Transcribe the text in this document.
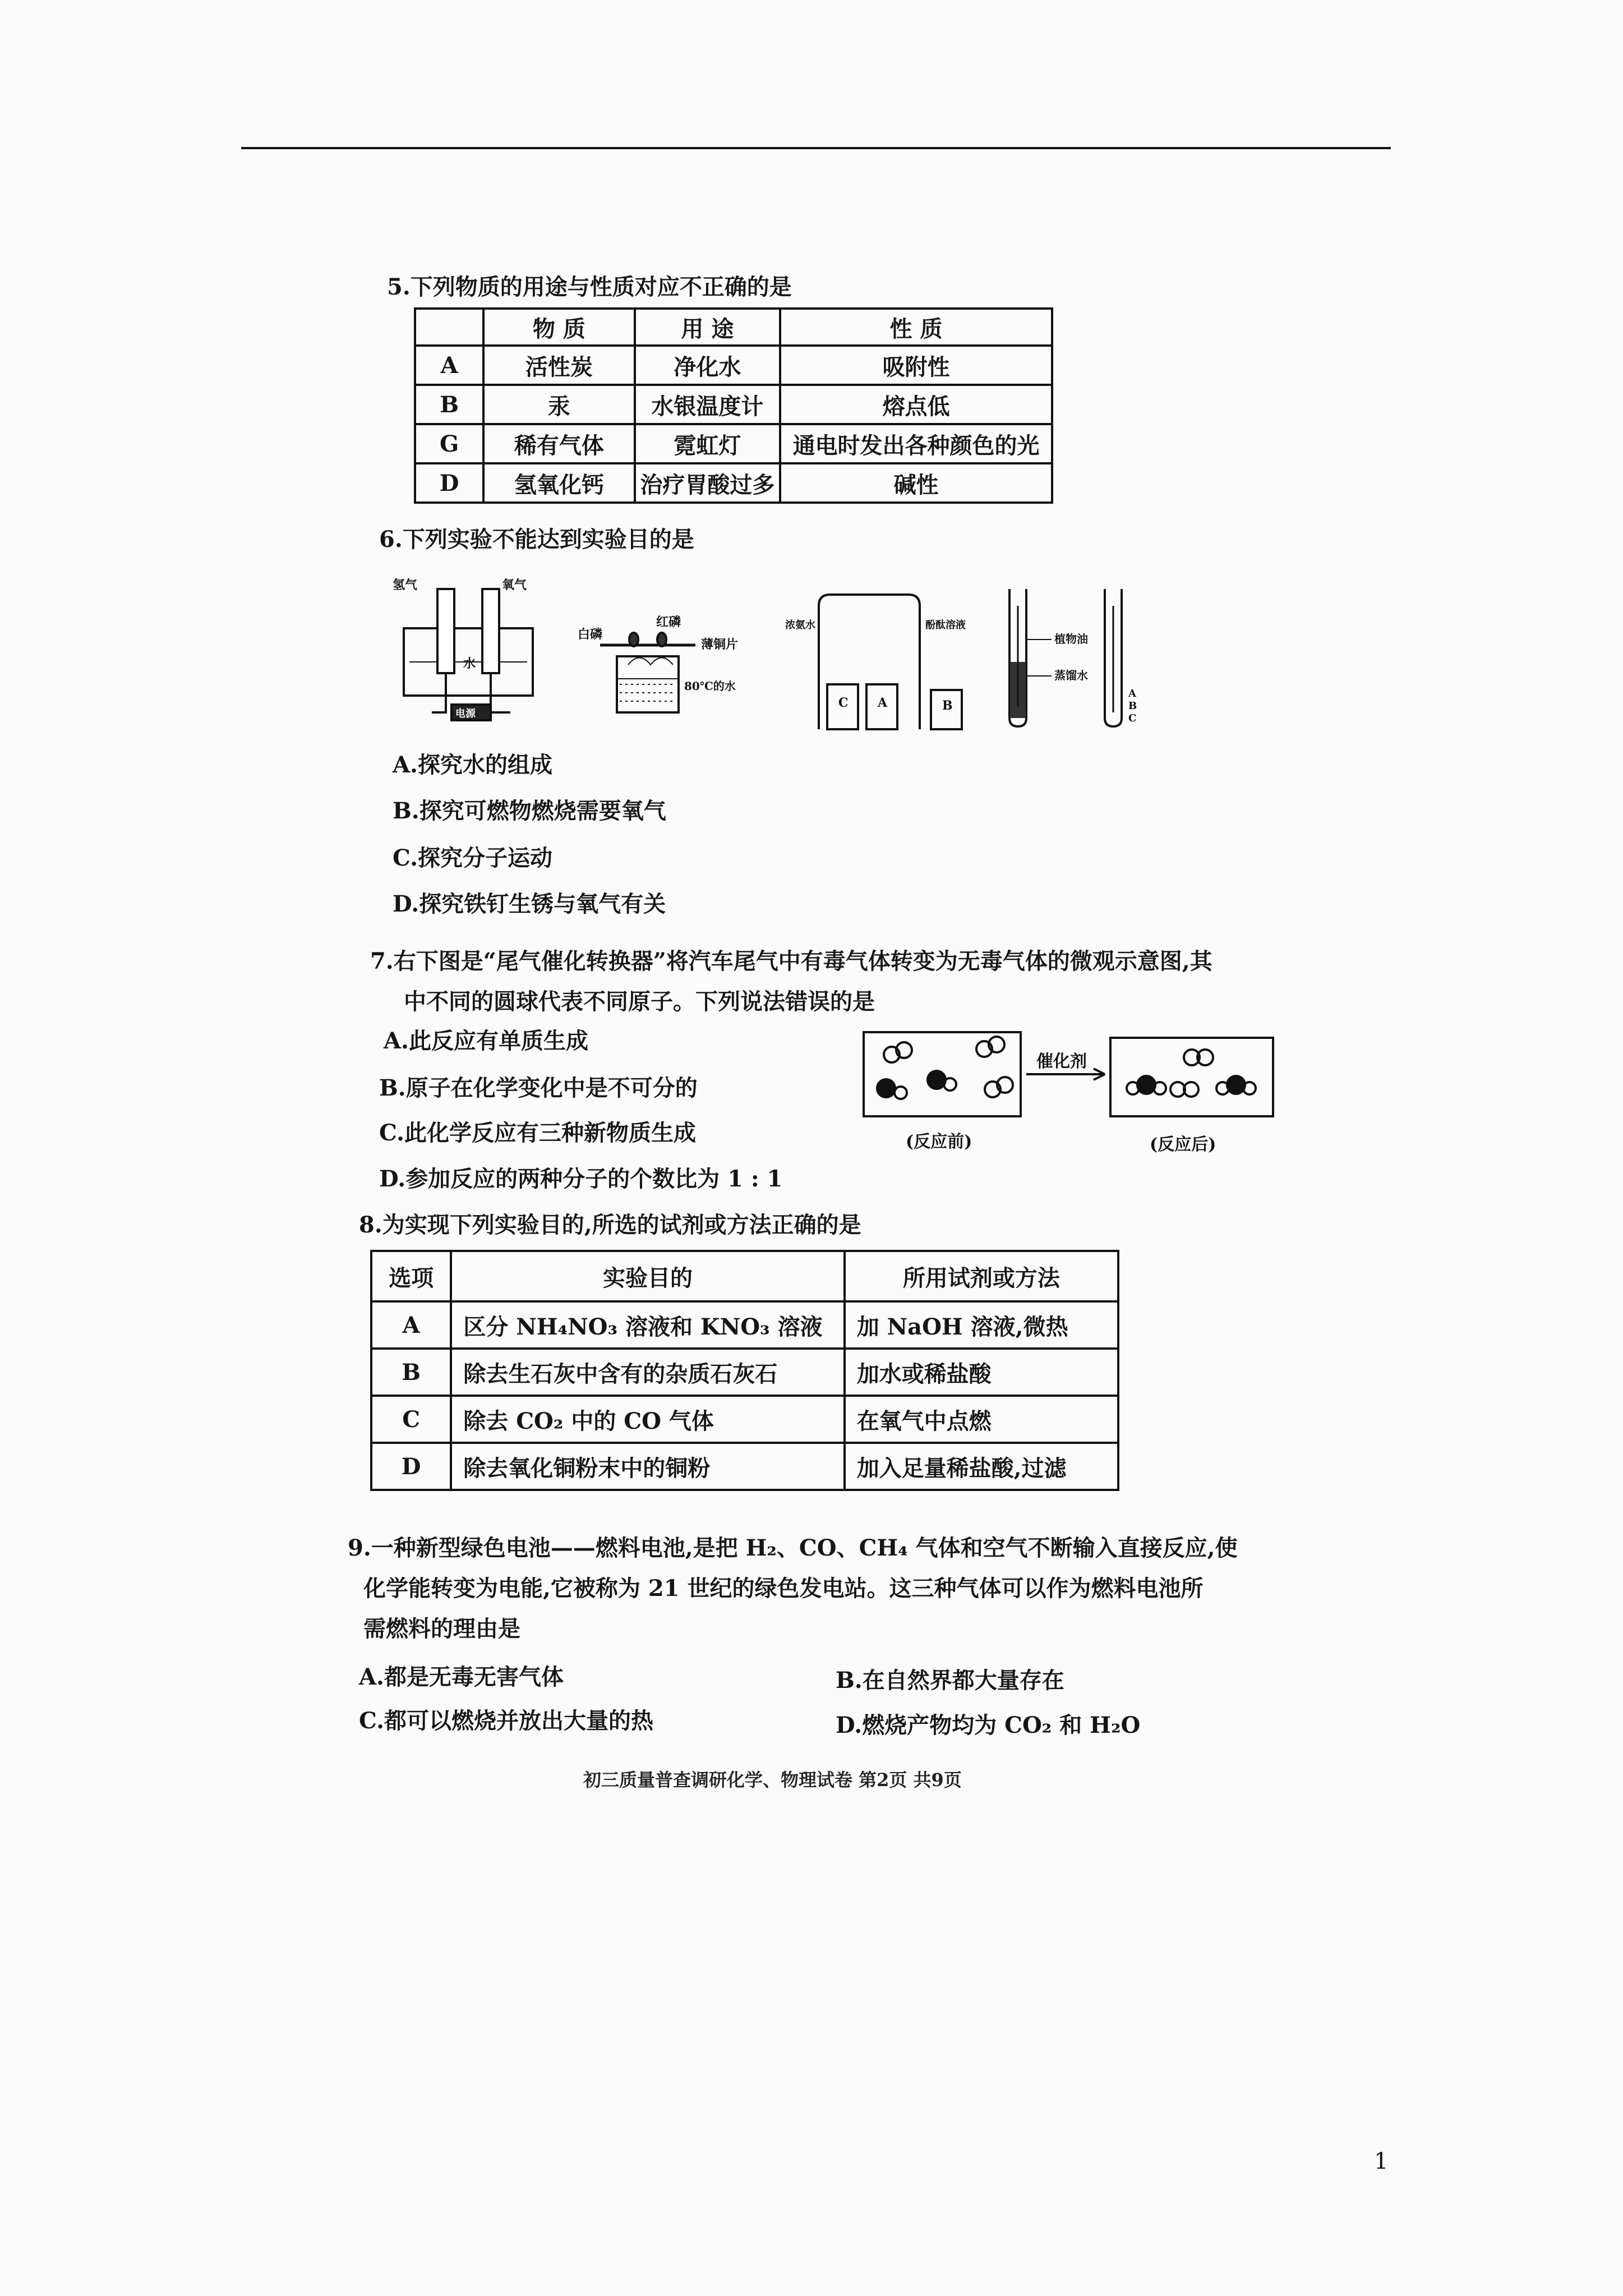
5.下列物质的用途与性质对应不正确的是
	物 质	用 途	性 质
A	活性炭	净化水	吸附性
B	汞	水银温度计	熔点低
G	稀有气体	霓虹灯	通电时发出各种颜色的光
D	氢氧化钙	治疗胃酸过多	碱性
6.下列实验不能达到实验目的是
氢气	氧气
水
电源
白磷
红磷
薄铜片
80℃的水
浓氨水	酚酞溶液
C A	B
植物油
蒸馏水
A
B
C
A.探究水的组成
B.探究可燃物燃烧需要氧气
C.探究分子运动
D.探究铁钉生锈与氧气有关
7.右下图是“尾气催化转换器”将汽车尾气中有毒气体转变为无毒气体的微观示意图,其
中不同的圆球代表不同原子。下列说法错误的是
A.此反应有单质生成
B.原子在化学变化中是不可分的
C.此化学反应有三种新物质生成
D.参加反应的两种分子的个数比为 1 : 1
催化剂
(反应前)	(反应后)
8.为实现下列实验目的,所选的试剂或方法正确的是
选项	实验目的	所用试剂或方法
A	区分 NH₄NO₃ 溶液和 KNO₃ 溶液	加 NaOH 溶液,微热
B	除去生石灰中含有的杂质石灰石	加水或稀盐酸
C	除去 CO₂ 中的 CO 气体	在氧气中点燃
D	除去氧化铜粉末中的铜粉	加入足量稀盐酸,过滤
9.一种新型绿色电池——燃料电池,是把 H₂、CO、CH₄ 气体和空气不断输入直接反应,使
化学能转变为电能,它被称为 21 世纪的绿色发电站。这三种气体可以作为燃料电池所
需燃料的理由是
A.都是无毒无害气体	B.在自然界都大量存在
C.都可以燃烧并放出大量的热	D.燃烧产物均为 CO₂ 和 H₂O
初三质量普查调研化学、物理试卷 第2页 共9页
1
